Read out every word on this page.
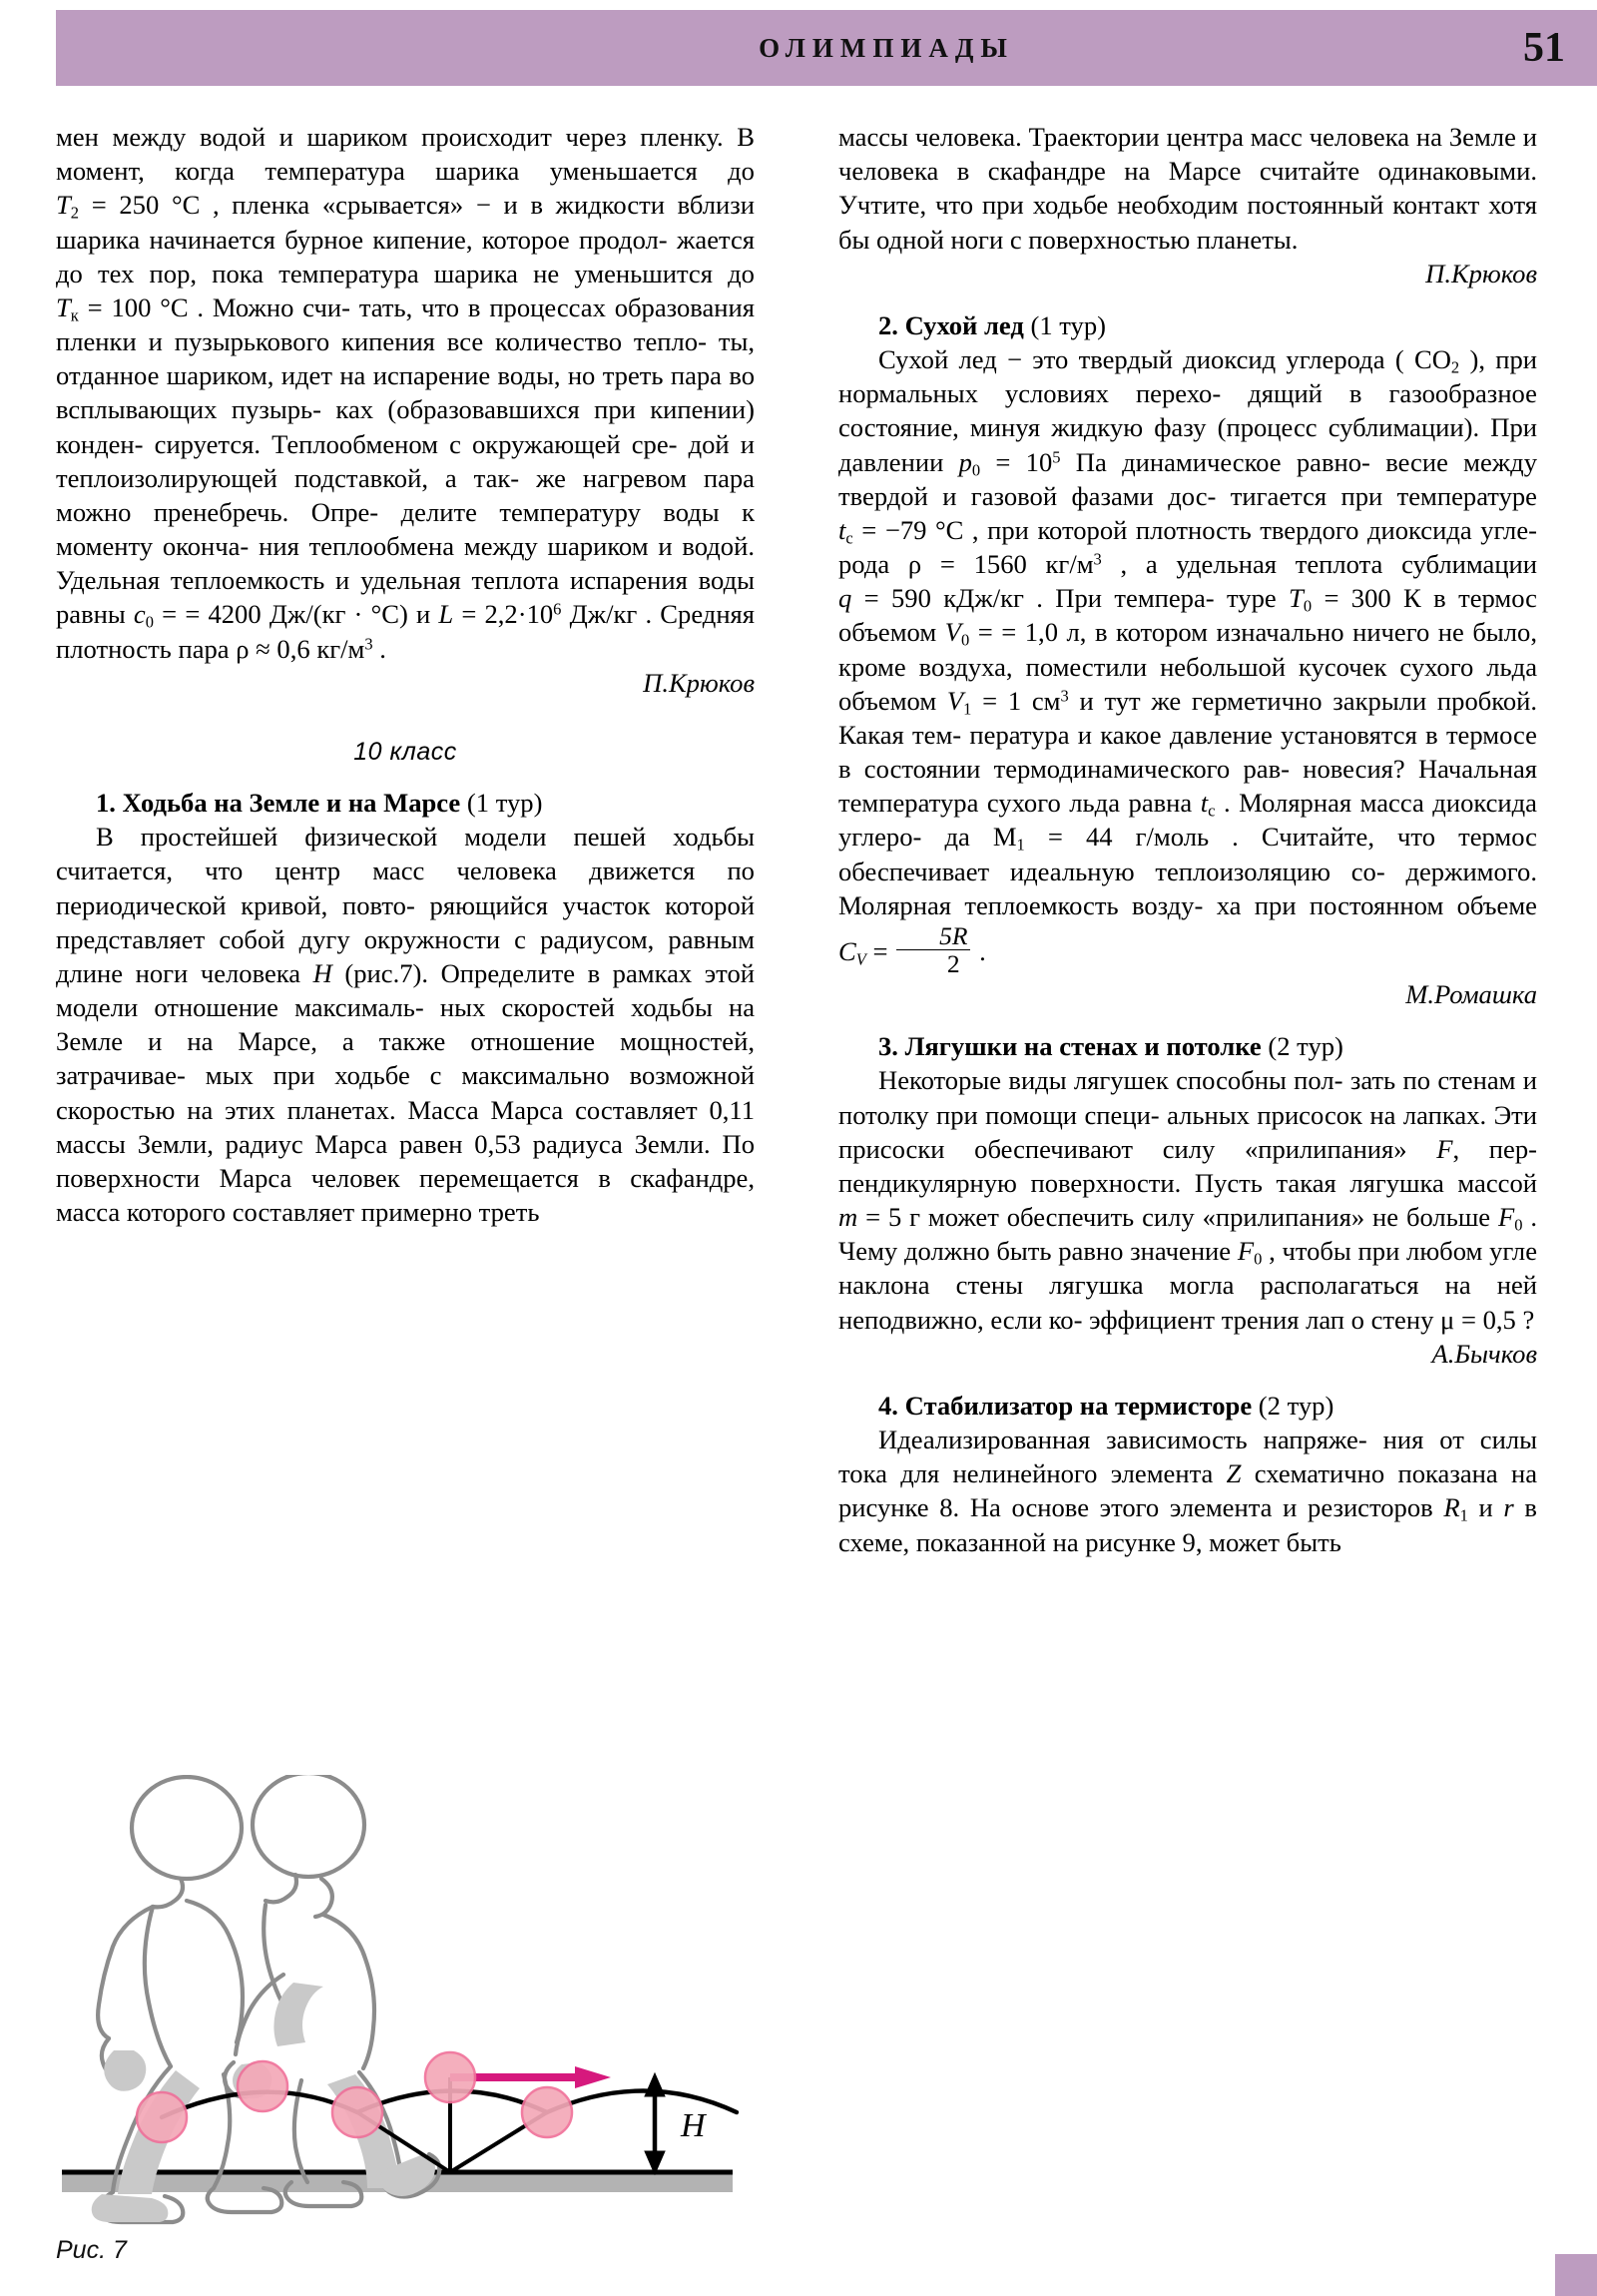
ОЛИМПИАДЫ	51

мен между водой и шариком происходит через пленку. В момент, когда температура шарика уменьшается до $T_2 = 250$ °C , пленка «срывается» − и в жидкости вблизи шарика начинается бурное кипение, которое продол- жается до тех пор, пока температура шарика не уменьшится до $T_к = 100$ °C . Можно счи- тать, что в процессах образования пленки и пузырькового кипения все количество тепло- ты, отданное шариком, идет на испарение воды, но треть пара во всплывающих пузырь- ках (образовавшихся при кипении) конден- сируется. Теплообменом с окружающей сре- дой и теплоизолирующей подставкой, а так- же нагревом пара можно пренебречь. Опре- делите температуру воды к моменту оконча- ния теплообмена между шариком и водой. Удельная теплоемкость и удельная теплота испарения воды равны $c_0$ = = 4200 Дж/(кг · °C) и $L = 2,2\cdot 10^6$ Дж/кг . Средняя плотность пара ρ ≈ 0,6 $кг/м^3$ .

П.Крюков

10 класс

1. Ходьба на Земле и на Марсе (1 тур)

В простейшей физической модели пешей ходьбы считается, что центр масс человека движется по периодической кривой, повто- ряющийся участок которой представляет собой дугу окружности с радиусом, равным длине ноги человека H (рис.7). Определите в рамках этой модели отношение максималь- ных скоростей ходьбы на Земле и на Марсе, а также отношение мощностей, затрачивае- мых при ходьбе с максимально возможной скоростью на этих планетах. Масса Марса составляет 0,11 массы Земли, радиус Марса равен 0,53 радиуса Земли. По поверхности Марса человек перемещается в скафандре, масса которого составляет примерно треть

H
Рис. 7

массы человека. Траектории центра масс человека на Земле и человека в скафандре на Марсе считайте одинаковыми. Учтите, что при ходьбе необходим постоянный контакт хотя бы одной ноги с поверхностью планеты.

П.Крюков

2. Сухой лед (1 тур)

Сухой лед − это твердый диоксид углерода ( $CO_2$ ), при нормальных условиях перехо- дящий в газообразное состояние, минуя жидкую фазу (процесс сублимации). При давлении $p_0 = 10^5$ Па динамическое равно- весие между твердой и газовой фазами дос- тигается при температуре $t_c = -79$ °C , при которой плотность твердого диоксида угле- рода ρ = 1560 $кг/м^3$ , а удельная теплота сублимации q = 590 кДж/кг . При темпера- туре $T_0 = 300$ К в термос объемом $V_0$ = = 1,0 л, в котором изначально ничего не было, кроме воздуха, поместили небольшой кусочек сухого льда объемом $V_1 = 1$ $см^3$ и тут же герметично закрыли пробкой. Какая тем- пература и какое давление установятся в термосе в состоянии термодинамического рав- новесия? Начальная температура сухого льда равна $t_c$ . Молярная масса диоксида углеро- да $М_1 = 44$ г/моль . Считайте, что термос обеспечивает идеальную теплоизоляцию со- держимого. Молярная теплоемкость возду- ха при постоянном объеме $C_V = \frac{5R}{2}$ .

М.Ромашка

3. Лягушки на стенах и потолке (2 тур)

Некоторые виды лягушек способны пол- зать по стенам и потолку при помощи специ- альных присосок на лапках. Эти присоски обеспечивают силу «прилипания» F, пер- пендикулярную поверхности. Пусть такая лягушка массой m = 5 г может обеспечить силу «прилипания» не больше $F_0$ . Чему должно быть равно значение $F_0$ , чтобы при любом угле наклона стены лягушка могла располагаться на ней неподвижно, если ко- эффициент трения лап о стену μ = 0,5 ?

А.Бычков

4. Стабилизатор на термисторе (2 тур)

Идеализированная зависимость напряже- ния от силы тока для нелинейного элемента Z схематично показана на рисунке 8. На основе этого элемента и резисторов $R_1$ и r в схеме, показанной на рисунке 9, может быть
